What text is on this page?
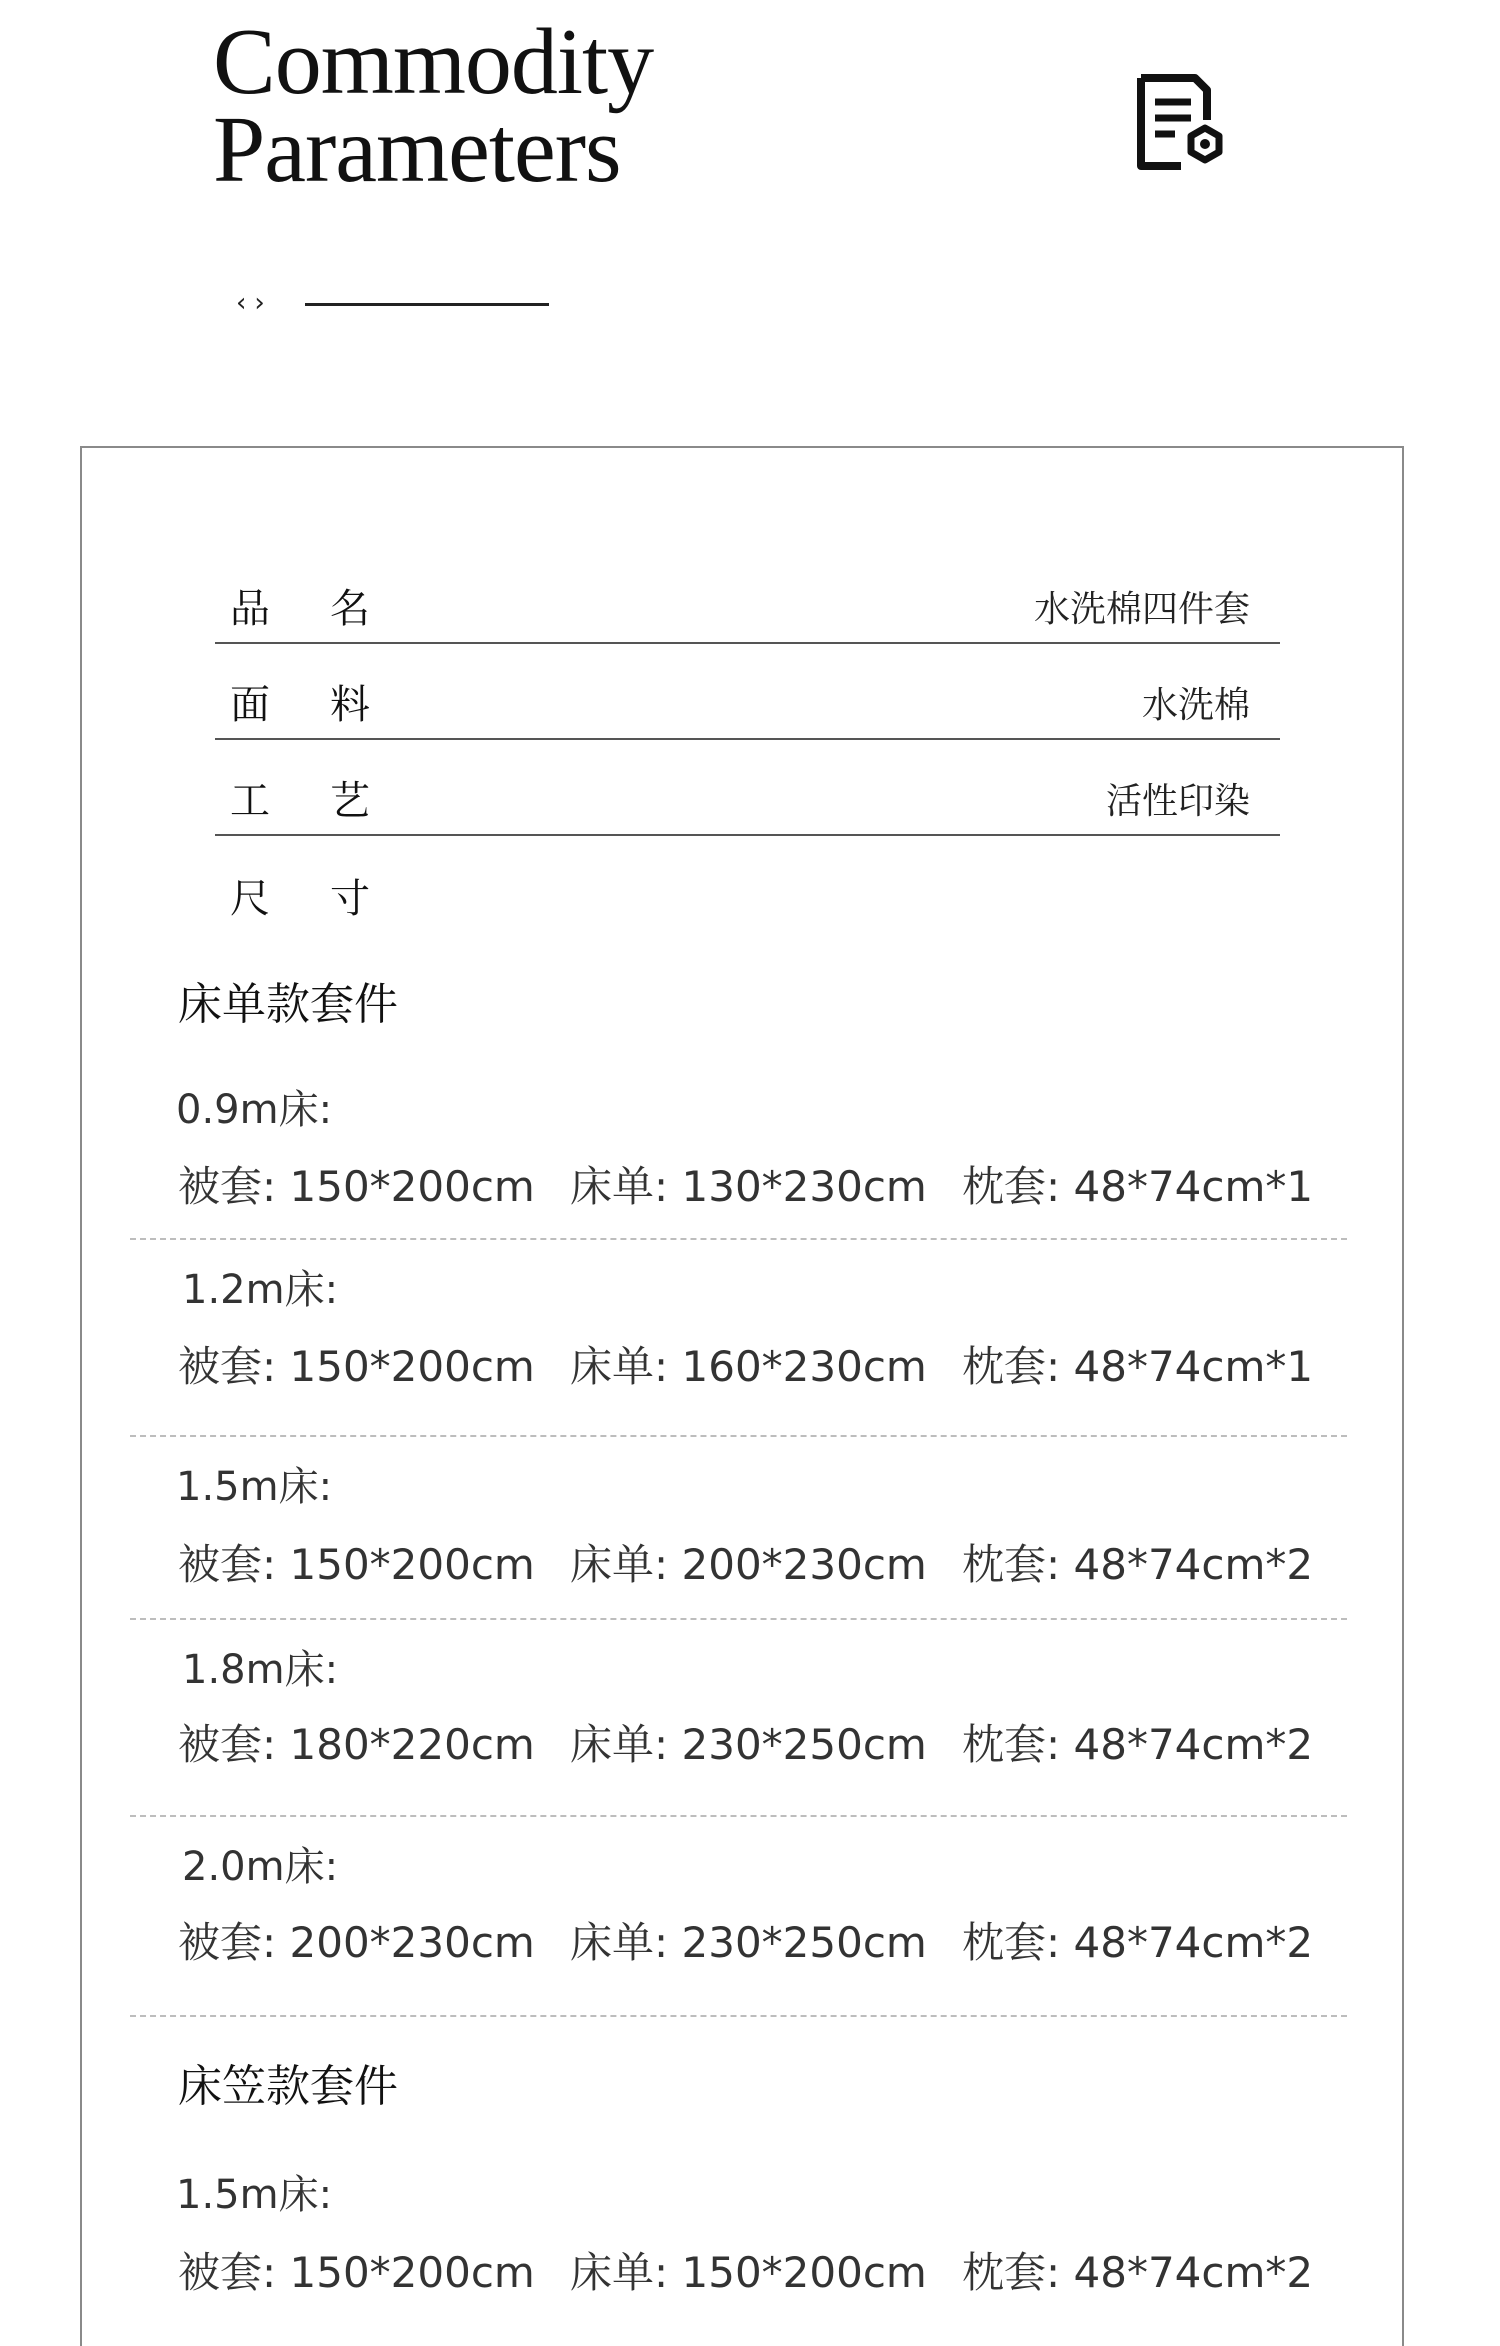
Commodity
Parameters
‹›
品名	水洗棉四件套
面料	水洗棉
工艺	活性印染
尺寸
床单款套件
0.9m床:
被套: 150*200cm 床单: 130*230cm 枕套: 48*74cm*1
1.2m床:
被套: 150*200cm 床单: 160*230cm 枕套: 48*74cm*1
1.5m床:
被套: 150*200cm 床单: 200*230cm 枕套: 48*74cm*2
1.8m床:
被套: 180*220cm 床单: 230*250cm 枕套: 48*74cm*2
2.0m床:
被套: 200*230cm 床单: 230*250cm 枕套: 48*74cm*2
床笠款套件
1.5m床:
被套: 150*200cm 床单: 150*200cm 枕套: 48*74cm*2
